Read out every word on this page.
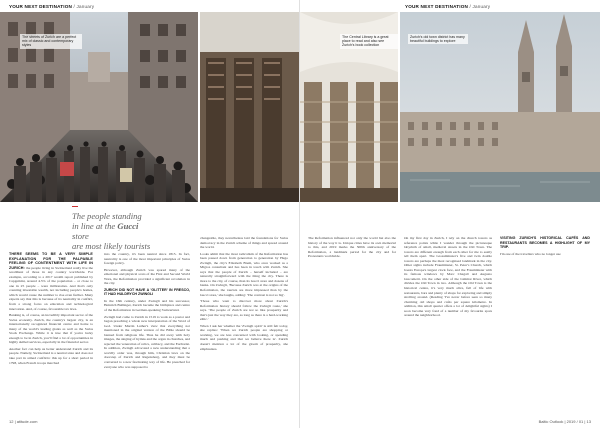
YOUR NEXT DESTINATION / January
The streets of Zurich are a perfect mix of classic and contemporary styles
The people standing
in line at the Gucci store
are most likely tourists

THERE SEEMS TO BE A VERY SIMPLE EXPLANATION FOR THE PALPABLE FEELING OF CONTENTMENT WITH LIFE IN ZURICH: the people living in Switzerland really live the wealthiest of those in any country worldwide. For example, according to a 2017 wealth report published by Capgemini, around 4.5% of the population – or close to one in 25 people – were millionaires. And that's only counting investable wealth, not including people's homes, which would cause the number to rise even further. Many experts say that this is because of its neutrality in conflict, from a strong focus on education and technological innovation. And, of course, favourable tax laws.

Banking is, of course, an incredibly important sector of the Swiss economy. Zurich, the country's largest city, is an internationally recognized financial centre and home to many of the world's leading giants as well as the Swiss Stock Exchange. While it is true that if you're lucky enough to be in Zurich, you'll find a lot of opportunities in highly skilled services, especially in the financial sector.

Another fact can help us better understand Zurich and its people. Namely, Switzerland is a neutral state and does not take part in armed conflicts: this up for a short period in 1798, when French troops marched

into the country, it's been neutral since 1815. In fact, neutrality is one of the most important principles of Swiss foreign policy.

However, although Zurich was spared many of the emotional and physical scars of the First and Second World Wars, the Reformation provided a significant revolution in the city.

ZURICH DID NOT HAVE A 'GLITTER' IN FRESCO, IT HAD HULDRYCH ZWINGLI

In the 16th century, under Zwingli and his successor, Heinrich Bullinger, Zurich became the birthplace and centre of the Reformation in German-speaking Switzerland.

Zwingli had come to Zurich in 1519 to work as a pastor and began preaching a whole new interpretation of the Word of God. Under Martin Luther's view that everything not mentioned in the original version of the Bible should be banned from religious life. Thus he did away with holy images, the singing of hymns and the organ in churches, and rejected the veneration of relics, celibacy, and the Eucharist. In addition, Zwingli advocated a new understanding that a worldly order was, through him, Christian laws on the doorstep of Zurich and Regensberg, and they must be converted to a new fascinating way of life. He preached for everyone who was supposed to

changeable, they nevertheless laid the foundations for Swiss democracy in the Zurich scheme of things and spread around the world.

Looks admit that the most radicalism of the Reformation has been passed down from generation to generation by Hugo Zwingli, the city's Elisabeth Brem, who once worked as a Migros consultant and has been in touch with Zurich. She says that the people of Zurich – herself included – are naturally straightforward with the thing the city. There is more to the city, of course, than its Gucci store and dozens of banks. On Zwingli, 'Because Zurich was at the origins of the Reformation, the tourists are more impressed than by the Gucci store,' she laughs, adding: 'The contrast is not so big'.

'Those who want to discover more about Zurich's Reformation history should follow the Zwingli route,' she says. 'The people of Zurich are not so like prosperity and that's just the way they are, as long as there is a hard-working ethic.'

When I ask her whether the 'Zwingli spirit' is still felt today, she replies: 'When we Zurich people are shopping or working, we are less concerned with looking, or spending much and pushing and that we believe there is'. Zurich doesn't mention a lot of the gloom of prosperity, she emphasizes.

12 | atitude.com
The Central Library is a great place to read and also see Zurich's book collection
YOUR NEXT DESTINATION / January
Zurich's old town district has many beautiful buildings to explore

The Reformation influenced not only the world but also the history of the way it is. Unique cities have its own memorial to this, and 2019 marks the 500th anniversary of the Reformation, a landmark period for the city and for Protestants worldwide.

On my first day in Zurich, I rely on the church towers as reference points while I wander through the picturesque labyrinth of small, medieval streets in the Old Town. The towers are different enough from each other for me to easily tell them apart. The Grossmünster's five and twin double towers are perhaps the most recognised landmark in the city. Other sights include Fraumünster, St. Peter's Church, which boasts Europe's largest clock face, and the Fraumünster with its famous windows by Marc Chagall and Augusto Giacometti. On the other side of the Limmat River, which divides the Old Town in two. Although the Old Town is the historical centre, it's very much alive, full of life with restaurants, bars and plenty of shops for exploring and simply strolling around. (Reading 'I've never before seen so many charming old shops and cafés per square kilometre. In addition, this small quarter offers a lot of delightful sights) I soon become very fond of a number of my favourite spots around the neighborhood.

VISITING ZURICH'S HISTORICAL CAFÉS AND RESTAURANTS BECOMES A HIGHLIGHT OF MY TRIP.

I'm one of the travellers who no longer use

Baltic Outlook | 2019 / 01 | 13
